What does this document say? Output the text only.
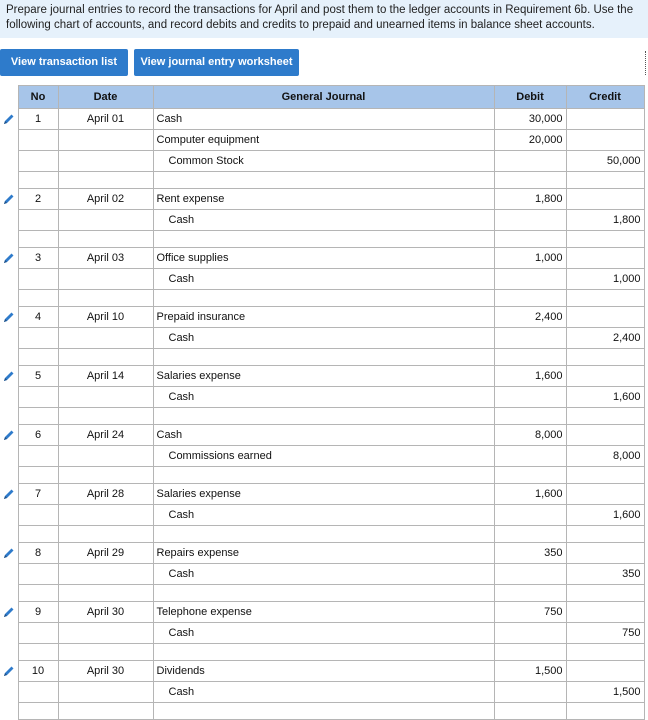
Prepare journal entries to record the transactions for April and post them to the ledger accounts in Requirement 6b. Use the following chart of accounts, and record debits and credits to prepaid and unearned items in balance sheet accounts.
View transaction list	View journal entry worksheet
	No	Date	General Journal	Debit	Credit
	1	April 01	Cash	30,000	
			Computer equipment	20,000	
			Common Stock		50,000

	2	April 02	Rent expense	1,800	
			Cash		1,800

	3	April 03	Office supplies	1,000	
			Cash		1,000

	4	April 10	Prepaid insurance	2,400	
			Cash		2,400

	5	April 14	Salaries expense	1,600	
			Cash		1,600

	6	April 24	Cash	8,000	
			Commissions earned		8,000

	7	April 28	Salaries expense	1,600	
			Cash		1,600

	8	April 29	Repairs expense	350	
			Cash		350

	9	April 30	Telephone expense	750	
			Cash		750

	10	April 30	Dividends	1,500	
			Cash		1,500
